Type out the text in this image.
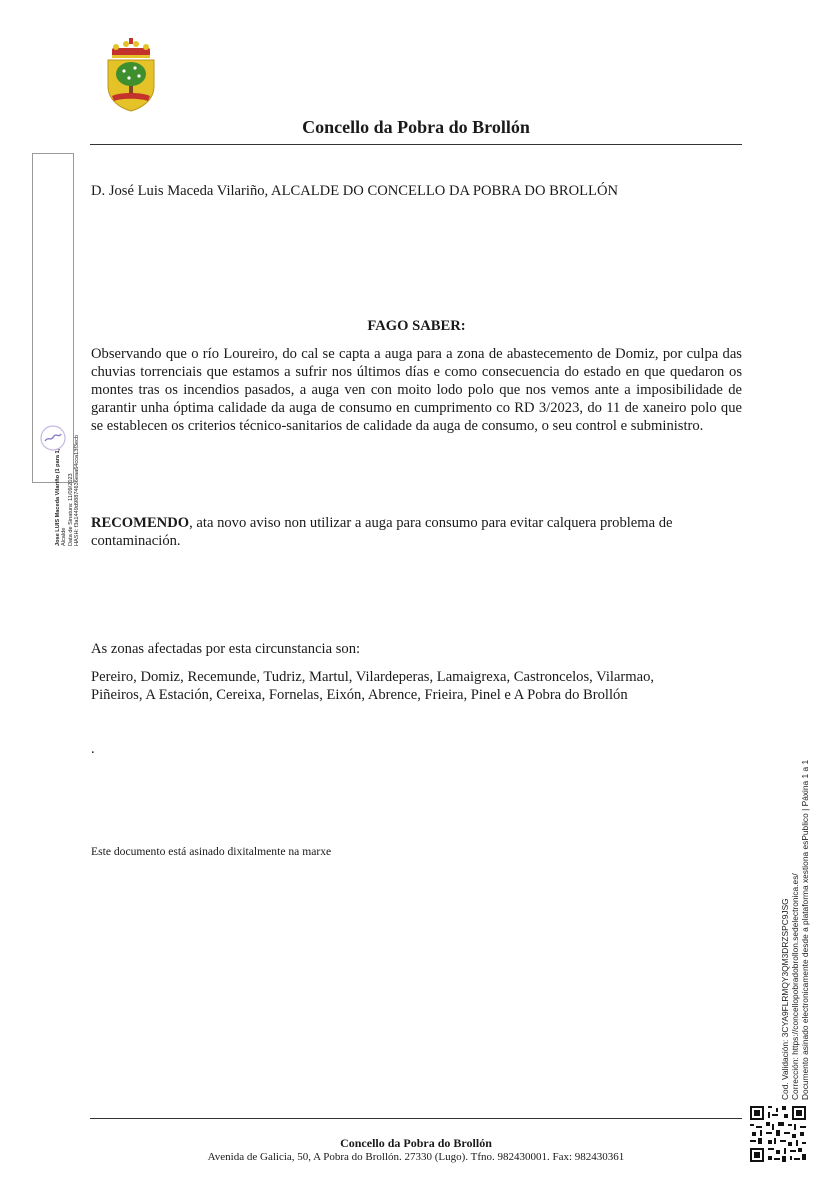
Concello da Pobra do Brollón
Jose LUIS Maceda Vilariño (1 para 1) Alcalde Data de Sinatura: 11/09/2023 HASH: f3a1449d98874636eaa64cca13f3ecb
D. José Luis Maceda Vilariño, ALCALDE DO CONCELLO DA POBRA DO BROLLÓN
FAGO SABER:
Observando que o río Loureiro, do cal se capta a auga para a zona de abastecemento de Domiz, por culpa das chuvias torrenciais que estamos a sufrir nos últimos días e como consecuencia do estado en que quedaron os montes tras os incendios pasados, a auga ven con moito lodo polo que nos vemos ante a imposibilidade de garantir unha óptima calidade da auga de consumo en cumprimento co RD 3/2023, do 11 de xaneiro polo que se establecen os criterios técnico-sanitarios de calidade da auga de consumo, o seu control e subministro.
RECOMENDO, ata novo aviso non utilizar a auga para consumo para evitar calquera problema de contaminación.
As zonas afectadas por esta circunstancia son:
Pereiro, Domiz, Recemunde, Tudriz, Martul, Vilardeperas, Lamaigrexa, Castroncelos, Vilarmao,
Piñeiros, A Estación, Cereixa, Fornelas, Eixón, Abrence, Frieira, Pinel e A Pobra do Brollón
.
Este documento está asinado dixitalmente na marxe
Cod. Validación: 3CYA9FLRMQY3QM3DRZSPC9JSG Corrección: https://concellopobradobrollon.sedelectronica.es/ Documento asinado electronicamente desde a plataforma xestiona esPublico | Páxina 1 a 1
Concello da Pobra do Brollón
Avenida de Galicia, 50, A Pobra do Brollón. 27330 (Lugo). Tfno. 982430001. Fax: 982430361
